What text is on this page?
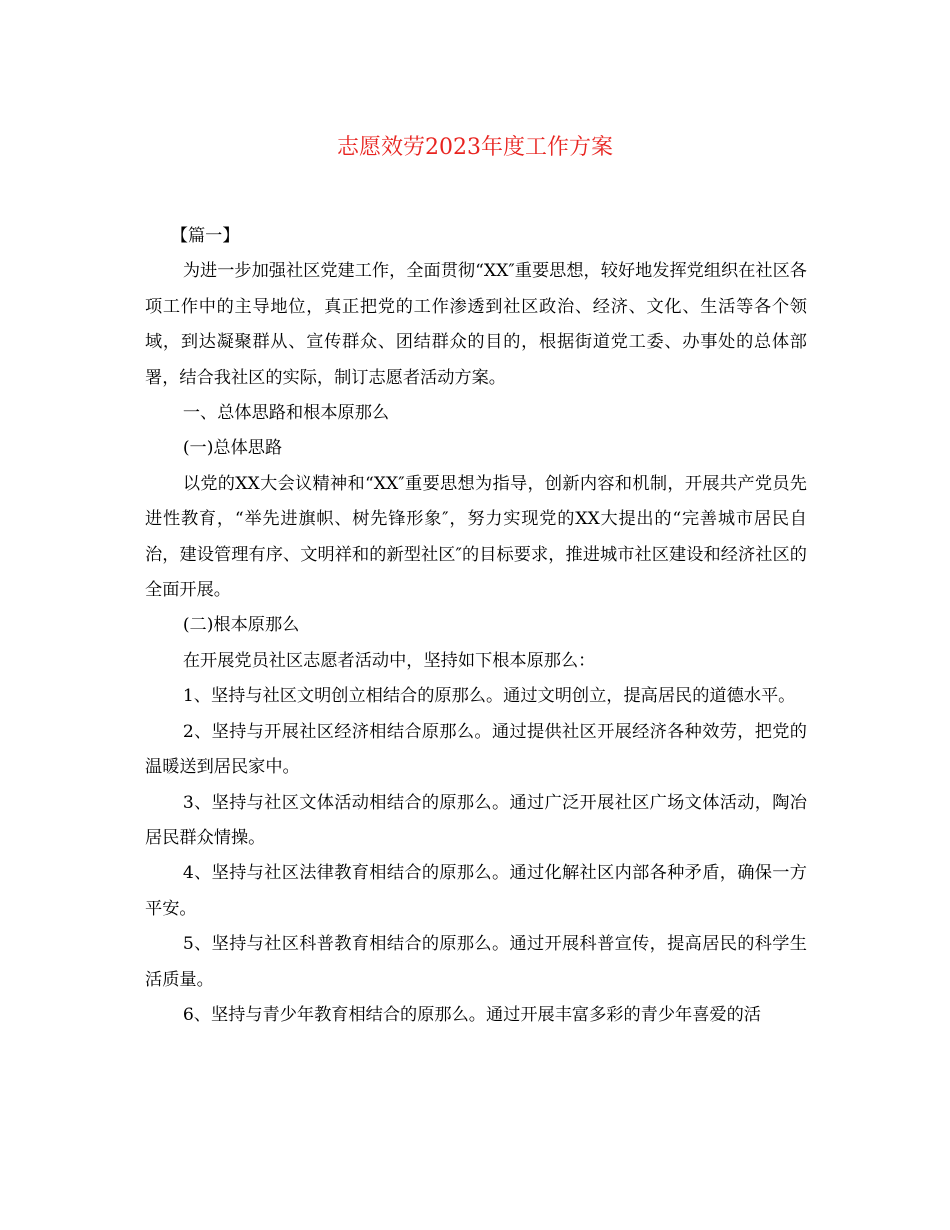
志愿效劳2023年度工作方案

【篇一】

为进一步加强社区党建工作，全面贯彻“XX″重要思想，较好地发挥党组织在社区各项工作中的主导地位，真正把党的工作渗透到社区政治、经济、文化、生活等各个领域，到达凝聚群从、宣传群众、团结群众的目的，根据街道党工委、办事处的总体部署，结合我社区的实际，制订志愿者活动方案。

一、总体思路和根本原那么

(一)总体思路

以党的XX大会议精神和“XX″重要思想为指导，创新内容和机制，开展共产党员先进性教育，“举先进旗帜、树先锋形象″，努力实现党的XX大提出的“完善城市居民自治，建设管理有序、文明祥和的新型社区″的目标要求，推进城市社区建设和经济社区的全面开展。

(二)根本原那么

在开展党员社区志愿者活动中，坚持如下根本原那么：

1、坚持与社区文明创立相结合的原那么。通过文明创立，提高居民的道德水平。

2、坚持与开展社区经济相结合原那么。通过提供社区开展经济各种效劳，把党的温暖送到居民家中。

3、坚持与社区文体活动相结合的原那么。通过广泛开展社区广场文体活动，陶冶居民群众情操。

4、坚持与社区法律教育相结合的原那么。通过化解社区内部各种矛盾，确保一方平安。

5、坚持与社区科普教育相结合的原那么。通过开展科普宣传，提高居民的科学生活质量。

6、坚持与青少年教育相结合的原那么。通过开展丰富多彩的青少年喜爱的活
